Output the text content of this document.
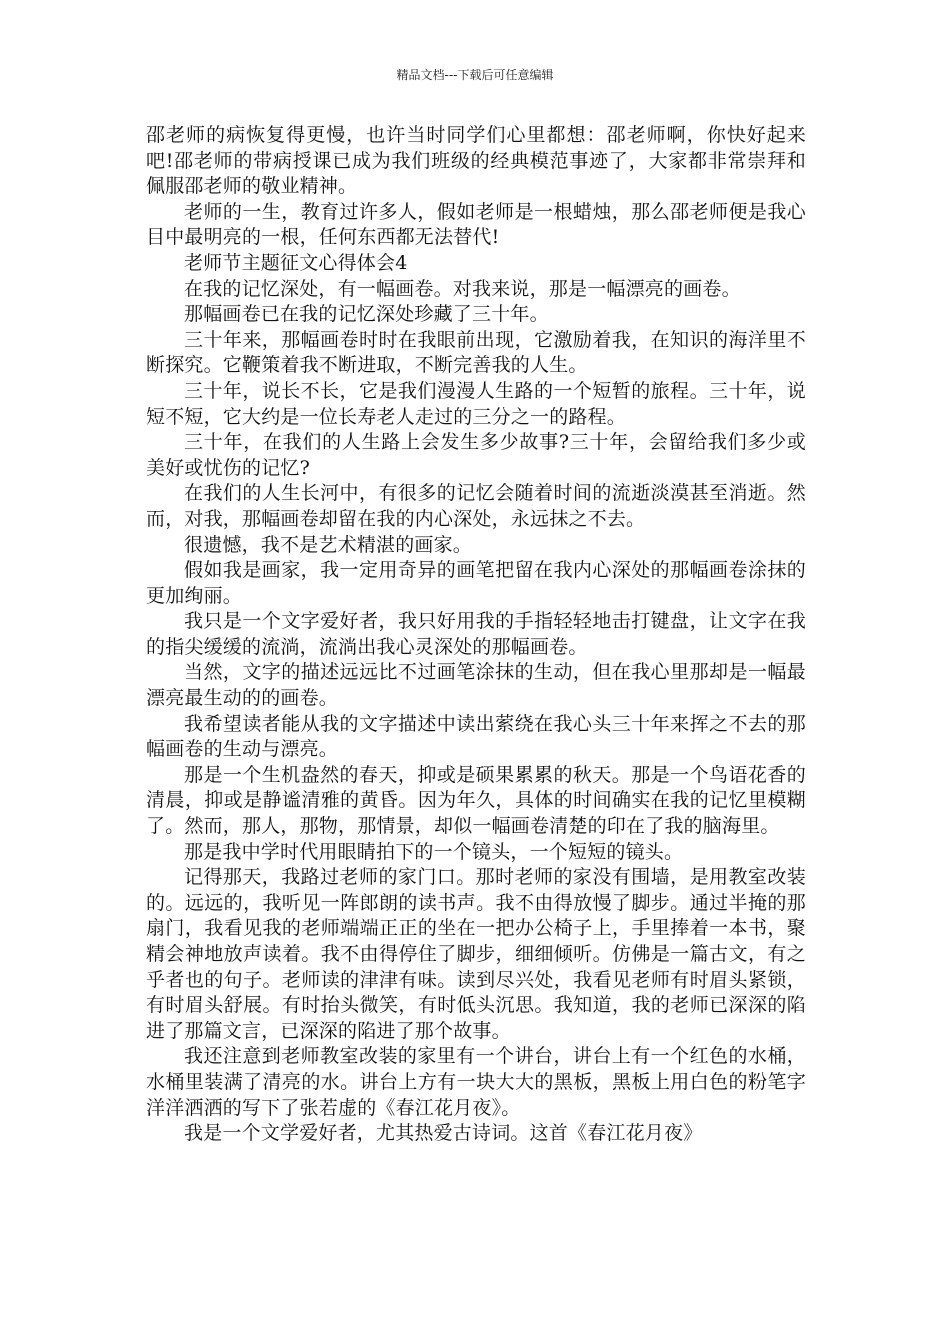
精品文档---下载后可任意编辑

邵老师的病恢复得更慢，也许当时同学们心里都想：邵老师啊，你快好起来吧!邵老师的带病授课已成为我们班级的经典模范事迹了，大家都非常崇拜和佩服邵老师的敬业精神。

老师的一生，教育过许多人，假如老师是一根蜡烛，那么邵老师便是我心目中最明亮的一根，任何东西都无法替代!

老师节主题征文心得体会4

在我的记忆深处，有一幅画卷。对我来说，那是一幅漂亮的画卷。

那幅画卷已在我的记忆深处珍藏了三十年。

三十年来，那幅画卷时时在我眼前出现，它激励着我，在知识的海洋里不断探究。它鞭策着我不断进取，不断完善我的人生。

三十年，说长不长，它是我们漫漫人生路的一个短暂的旅程。三十年，说短不短，它大约是一位长寿老人走过的三分之一的路程。

三十年，在我们的人生路上会发生多少故事?三十年，会留给我们多少或美好或忧伤的记忆?

在我们的人生长河中，有很多的记忆会随着时间的流逝淡漠甚至消逝。然而，对我，那幅画卷却留在我的内心深处，永远抹之不去。

很遗憾，我不是艺术精湛的画家。

假如我是画家，我一定用奇异的画笔把留在我内心深处的那幅画卷涂抹的更加绚丽。

我只是一个文字爱好者，我只好用我的手指轻轻地击打键盘，让文字在我的指尖缓缓的流淌，流淌出我心灵深处的那幅画卷。

当然，文字的描述远远比不过画笔涂抹的生动，但在我心里那却是一幅最漂亮最生动的的画卷。

我希望读者能从我的文字描述中读出萦绕在我心头三十年来挥之不去的那幅画卷的生动与漂亮。

那是一个生机盎然的春天，抑或是硕果累累的秋天。那是一个鸟语花香的清晨，抑或是静谧清雅的黄昏。因为年久，具体的时间确实在我的记忆里模糊了。然而，那人，那物，那情景，却似一幅画卷清楚的印在了我的脑海里。

那是我中学时代用眼睛拍下的一个镜头，一个短短的镜头。

记得那天，我路过老师的家门口。那时老师的家没有围墙，是用教室改装的。远远的，我听见一阵郎朗的读书声。我不由得放慢了脚步。通过半掩的那扇门，我看见我的老师端端正正的坐在一把办公椅子上，手里捧着一本书，聚精会神地放声读着。我不由得停住了脚步，细细倾听。仿佛是一篇古文，有之乎者也的句子。老师读的津津有味。读到尽兴处，我看见老师有时眉头紧锁，有时眉头舒展。有时抬头微笑，有时低头沉思。我知道，我的老师已深深的陷进了那篇文言，已深深的陷进了那个故事。

我还注意到老师教室改装的家里有一个讲台，讲台上有一个红色的水桶，水桶里装满了清亮的水。讲台上方有一块大大的黑板，黑板上用白色的粉笔字洋洋洒洒的写下了张若虚的《春江花月夜》。

我是一个文学爱好者，尤其热爱古诗词。这首《春江花月夜》
